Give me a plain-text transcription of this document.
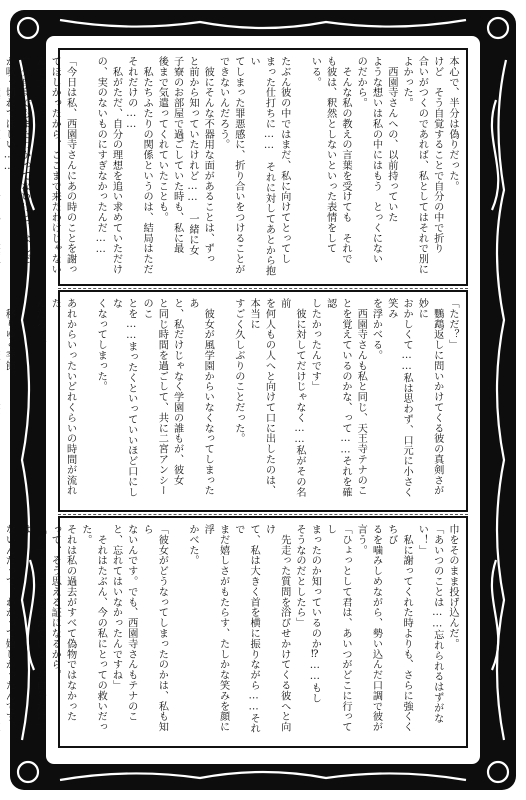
本心で、半分は偽りだった。
けど　そう自覚することで自分の中で折り
合いがつくのであれば、私としてはそれで別に
よかった。
　西園寺さんへの、以前持っていた
ような想いは私の中にはもう　とっくにない
のだから。
　そんな私の教えの言葉を受けても　それで
も彼は、釈然としないといった表情をして
いる。

たぶん彼の中ではまだ、私に向けてとってし
まった仕打ちに……　それに対してあとから抱い
てしまった罪悪感に、折り合いをつけることが
できないんだろう。
　彼にそんな不器用な面があることは、ずっ
と前から知っていたけれど……　一緒に女
子寮のお部屋で過ごしていた時も、私に最
後まで気遣ってくれていたことも。
　私たちふたりの関係というのは、結局はただ
それだけの……
　私がただ、自分の理想を追い求めていただけ
の、実のないものにすぎなかったんだ……

「今日は私、西園寺さんにあの時のことを謝っ
てほしかったから、ここまで来たわけじゃない
んです。ただ……」
自分自身でもまだわかってないけど、なんだ
か吹っ切れてほしい……

「ただ？」
　鸚鵡返しに問いかけてくる彼の真剣さが妙に
おかしくて……私は思わず、口元に小さく笑み
を浮かべる。
　西園寺さんも私と同じ、天王寺テナのこ
とを覚えているのかな、って……それを確認
したかったんです」
　彼に対してだけじゃなく……私がその名前
を何人もの人へと向けて口に出したのは、本当に
すごく久しぶりのことだった。

　彼女が風学園からいなくなってしまったあ
と、私だけじゃなく学園の誰もが、彼女
と同じ時間を過ごして、共に二宮アンシーのこ
とを……まったくといっていいほど口にしな
くなってしまった。

あれからいったいどれくらいの時間が流れた
んだろう？

　移りゆく季節。

巾をそのまま投げ込んだ。
「あいつのことは……忘れられるはずがない！」
　私に謝ってくれた時よりも、さらに強くくちび
るを噛みしめながら、勢い込んだ口調で彼が
言う。
「ひょっとして君は、あいつがどこに行ってし
まったのか知っているのか⁉……もし
そうなのだとしたら」
　先走った質問を浴びせかけてくる彼へと向け
て、私は大きく首を横に振りながら……それで
まだ嬉しさがもたらす、たしかな笑みを顔に浮
かべた。

「彼女がどうなってしまったのかは、私も知ら
ないんです。でも、西園寺さんもテナのこ
と、忘れてはいなかったんですね」
　それはたぶん、今の私にとっての救いだった。
それは私の過去がすべて偽物ではなかった
って、そう思える証になるから。
「ウテナのことを覚えているのが自分だけでは
ないんだって、わかって嬉しかったんです。
